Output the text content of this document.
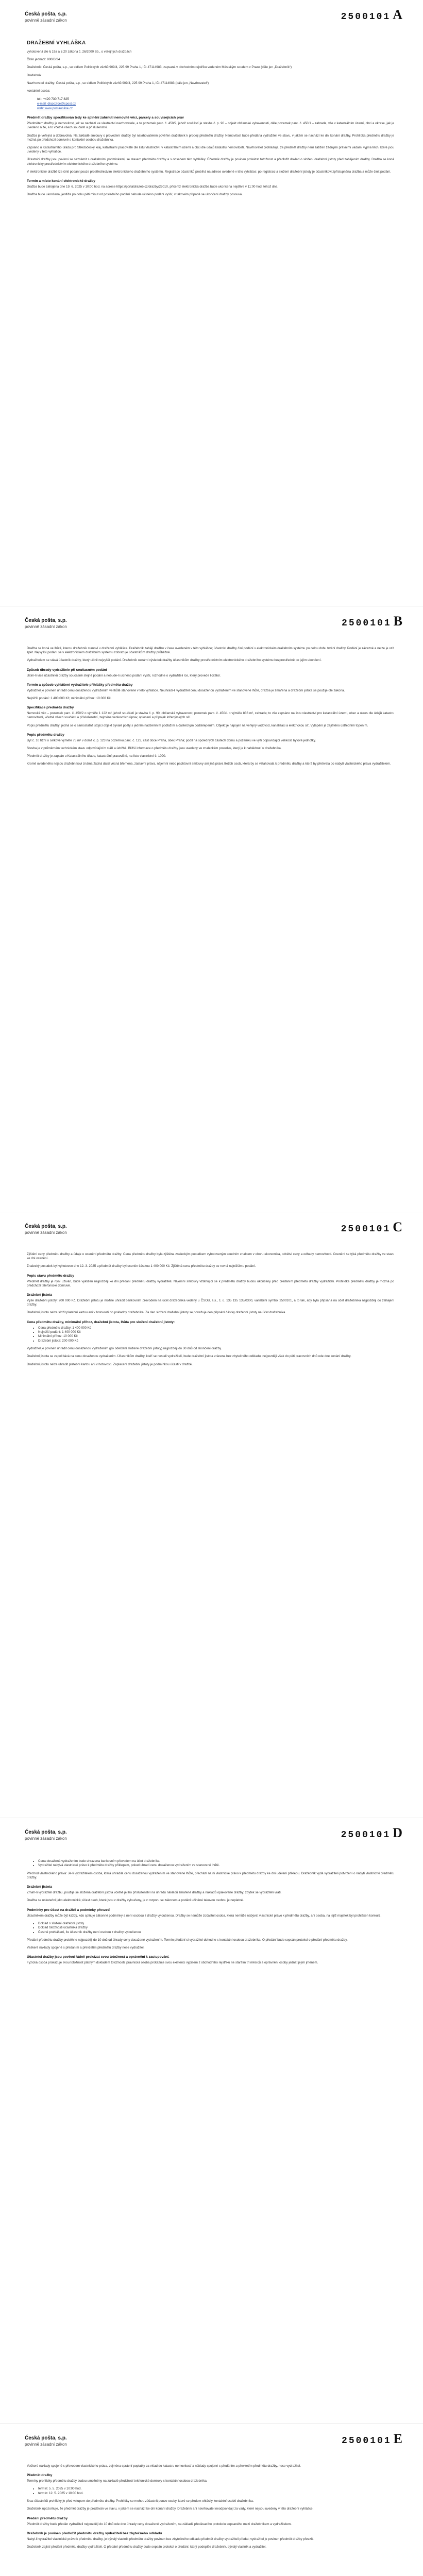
Česká pošta, s.p.
povinně zásadní zákon	2500101 A
DRAŽEBNÍ VYHLÁŠKA

vyhotovená dle § 19a a § 20 zákona č. 26/2000 Sb., o veřejných dražbách

Číslo jednací: 900/D/24

Dražebník: Česká pošta, s.p., se sídlem Politických vězňů 909/4, 225 99 Praha 1, IČ: 47114983, zapsaná v obchodním rejstříku vedeném Městským soudem v Praze (dále jen „Dražebník“)

Dražebník

Navrhovatel dražby: Česká pošta, s.p., se sídlem Politických vězňů 909/4, 225 99 Praha 1, IČ: 47114983 (dále jen „Navrhovatel“)

kontaktní osoba:

tel.: +420 730 717 825
e-mail: dispozice@cpost.cz
web: www.postaonline.cz
Předmět dražby specifikován tedy ke splnění zahrnutí nemovité věci, parcely a souvisejících práv

Předmětem dražby je nemovitost, jež se nachází ve vlastnictví navrhovatele, a to pozemek parc. č. 450/2, jehož součástí je stavba č. p. 90 – objekt občanské vybavenosti, dále pozemek parc. č. 450/1 – zahrada, vše v katastrálním území, obci a okrese, jak je uvedeno níže, a to včetně všech součástí a příslušenství.

Dražba je veřejná a dobrovolná. Na základě smlouvy o provedení dražby byl navrhovatelem pověřen dražebník k prodeji předmětu dražby. Nemovitost bude předána vydražiteli ve stavu, v jakém se nachází ke dni konání dražby. Prohlídka předmětu dražby je možná po předchozí domluvě s kontaktní osobou dražebníka.

Zapsáno u Katastrálního úřadu pro Středočeský kraj, katastrální pracoviště dle listu vlastnictví, v katastrálním území a obci dle údajů katastru nemovitostí. Navrhovatel prohlašuje, že předmět dražby není zatížen žádnými právními vadami vyjma těch, které jsou uvedeny v této vyhlášce.

Účastníci dražby jsou povinni se seznámit s dražebními podmínkami, se stavem předmětu dražby a s obsahem této vyhlášky. Účastník dražby je povinen prokázat totožnost a předložit doklad o složení dražební jistoty před zahájením dražby. Dražba se koná elektronicky prostřednictvím elektronického dražebního systému.

V elektronické dražbě lze činit podání pouze prostřednictvím elektronického dražebního systému. Registrace účastníků probíhá na adrese uvedené v této vyhlášce; po registraci a složení dražební jistoty je účastníkovi zpřístupněna dražba a může činit podání.

Termín a místo konání elektronické dražby

Dražba bude zahájena dne 19. 6. 2025 v 10:00 hod. na adrese https://portaldrazeb.cz/drazby/25010, přičemž elektronická dražba bude ukončena nejdříve v 11:00 hod. téhož dne.

Dražba bude ukončena, jestliže po dobu pěti minut od posledního podání nebude učiněno podání vyšší; v takovém případě se ukončení dražby posouvá.

Česká pošta, s.p.
povinně zásadní zákon	2500101 B

Dražba se koná ve lhůtě, kterou dražebník stanoví v dražební vyhlášce. Dražebník zahájí dražbu v čase uvedeném v této vyhlášce; účastníci dražby činí podání v elektronickém dražebním systému po celou dobu trvání dražby. Podání je závazné a nelze je vzít zpět. Nejvyšší podání se v elektronickém dražebním systému zobrazuje účastníkům dražby průběžně.

Vydražitelem se stává účastník dražby, který učinil nejvyšší podání. Dražebník oznámí výsledek dražby účastníkům dražby prostřednictvím elektronického dražebního systému bezprostředně po jejím ukončení.

Způsob úhrady vydražitele při současném podání

Učiní-li více účastníků dražby současně stejné podání a nebude-li učiněno podání vyšší, rozhodne o vydražiteli los, který provede licitátor.

Termín a způsob vyhlášení vydražitele přihlášky předmětu dražby

Vydražitel je povinen uhradit cenu dosaženou vydražením ve lhůtě stanovené v této vyhlášce. Neuhradí-li vydražitel cenu dosaženou vydražením ve stanovené lhůtě, dražba je zmařena a dražební jistota se použije dle zákona.

Nejnižší podání: 1 400 000 Kč; minimální příhoz: 10 000 Kč.

Specifikace předmětu dražby

Nemovitá věc – pozemek parc. č. 450/2 o výměře 1 122 m², jehož součástí je stavba č. p. 90, občanská vybavenost; pozemek parc. č. 450/1 o výměře 836 m², zahrada; to vše zapsáno na listu vlastnictví pro katastrální území, obec a okres dle údajů katastru nemovitostí, včetně všech součástí a příslušenství, zejména venkovních úprav, oplocení a přípojek inženýrských sítí.

Popis předmětu dražby: jedná se o samostatně stojící objekt bývalé pošty s jedním nadzemním podlažím a částečným podsklepením. Objekt je napojen na veřejný vodovod, kanalizaci a elektrickou síť. Vytápění je zajištěno ústředním topením.

Popis předmětu dražby

Byt č. 10 tržní o celkové výměře 75 m² v domě č. p. 123 na pozemku parc. č. 123, část obce Praha, obec Praha; podíl na společných částech domu a pozemku ve výši odpovídající velikosti bytové jednotky.

Stavba je v průměrném technickém stavu odpovídajícím stáří a údržbě. Bližší informace o předmětu dražby jsou uvedeny ve znaleckém posudku, který je k nahlédnutí u dražebníka.

Předmět dražby je zapsán u Katastrálního úřadu, katastrální pracoviště, na listu vlastnictví č. 1090.

Kromě uvedeného nejsou dražebníkovi známa žádná další věcná břemena, zástavní práva, nájemní nebo pachtovní smlouvy ani jiná práva třetích osob, která by se vztahovala k předmětu dražby a která by přetrvala po nabytí vlastnického práva vydražitelem.

Česká pošta, s.p.
povinně zásadní zákon	2500101 C

Zjištění ceny předmětu dražby a údaje o ocenění předmětu dražby: Cena předmětu dražby byla zjištěna znaleckým posudkem vyhotoveným soudním znalcem v oboru ekonomika, odvětví ceny a odhady nemovitostí. Ocenění se týká předmětu dražby ve stavu ke dni ocenění.

Znalecký posudek byl vyhotoven dne 12. 3. 2025 a předmět dražby byl oceněn částkou 1 400 000 Kč. Zjištěná cena předmětu dražby se rovná nejnižšímu podání.

Popis stavu předmětu dražby

Předmět dražby je nyní užíván, bude vyklizen nejpozději ke dni předání předmětu dražby vydražiteli. Nájemní smlouvy vztahující se k předmětu dražby budou ukončeny před předáním předmětu dražby vydražiteli. Prohlídka předmětu dražby je možná po předchozí telefonické domluvě.

Dražební jistota

Výše dražební jistoty: 200 000 Kč. Dražební jistotu je možné uhradit bankovním převodem na účet dražebníka vedený u ČSOB, a.s., č. ú. 135 135 135/0300, variabilní symbol 2500101, a to tak, aby byla připsána na účet dražebníka nejpozději do zahájení dražby.

Dražební jistotu nelze složit platební kartou ani v hotovosti do pokladny dražebníka. Za den složení dražební jistoty se považuje den připsání částky dražební jistoty na účet dražebníka.

Cena předmětu dražby, minimální příhoz, dražební jistota, lhůta pro složení dražební jistoty:
• Cena předmětu dražby: 1 400 000 Kč
• Nejnižší podání: 1 400 000 Kč
• Minimální příhoz: 10 000 Kč
• Dražební jistota: 200 000 Kč

Vydražitel je povinen uhradit cenu dosaženou vydražením (po odečtení složené dražební jistoty) nejpozději do 30 dnů od skončení dražby.

Dražební jistota se započítává na cenu dosaženou vydražením. Účastníkům dražby, kteří se nestali vydražiteli, bude dražební jistota vrácena bez zbytečného odkladu, nejpozději však do pěti pracovních dnů ode dne konání dražby.

Dražební jistotu nelze uhradit platební kartou ani v hotovosti. Zaplacení dražební jistoty je podmínkou účasti v dražbě.

Česká pošta, s.p.
povinně zásadní zákon	2500101 D
• Cena dosažená vydražením bude uhrazena bankovním převodem na účet dražebníka.
• Vydražitel nabývá vlastnické právo k předmětu dražby příklepem, pokud uhradí cenu dosaženou vydražením ve stanovené lhůtě.

Přechod vlastnického práva: Je-li vydražitelem osoba, která uhradila cenu dosaženou vydražením ve stanovené lhůtě, přechází na ni vlastnické právo k předmětu dražby ke dni udělení příklepu. Dražebník vydá vydražiteli potvrzení o nabytí vlastnictví předmětu dražby.

Dražební jistota

Zmaří-li vydražitel dražbu, použije se složená dražební jistota včetně jejího příslušenství na úhradu nákladů zmařené dražby a nákladů opakované dražby; zbytek se vydražiteli vrátí.

Dražba se uskuteční jako elektronická; účast osob, které jsou z dražby vyloučeny, je v rozporu se zákonem a podání učiněné takovou osobou je neplatné.

Podmínky pro účast na dražbě a podmínky převzetí

Účastníkem dražby může být každý, kdo splňuje zákonné podmínky a není osobou z dražby vyloučenou. Dražby se nemůže zúčastnit osoba, která nemůže nabývat vlastnické právo k předmětu dražby, ani osoba, na jejíž majetek byl prohlášen konkurz.

• Doklad o složení dražební jistoty
• Doklad totožnosti účastníka dražby
• Čestné prohlášení, že účastník dražby není osobou z dražby vyloučenou

Předání předmětu dražby proběhne nejpozději do 10 dnů od úhrady ceny dosažené vydražením. Termín předání si vydražitel dohodne s kontaktní osobou dražebníka. O předání bude sepsán protokol o předání předmětu dražby.

Veškeré náklady spojené s předáním a převzetím předmětu dražby nese vydražitel.

Účastníci dražby jsou povinni řádně prokázat svou totožnost a oprávnění k zastupování.

Fyzická osoba prokazuje svou totožnost platným dokladem totožnosti; právnická osoba prokazuje svou existenci výpisem z obchodního rejstříku ne starším tří měsíců a oprávnění osoby jednat jejím jménem.

Česká pošta, s.p.
povinně zásadní zákon	2500101 E

Veškeré náklady spojené s převodem vlastnického práva, zejména správní poplatky za vklad do katastru nemovitostí a náklady spojené s předáním a převzetím předmětu dražby, nese vydražitel.

Předmět dražby

Termíny prohlídky předmětu dražby budou umožněny na základě předchozí telefonické domluvy s kontaktní osobou dražebníka.

• termín: 5. 5. 2025 v 10:00 hod.
• termín: 12. 5. 2025 v 10:00 hod.

Sraz účastníků prohlídky je před vstupem do předmětu dražby. Prohlídky se mohou zúčastnit pouze osoby, které se předem ohlásily kontaktní osobě dražebníka.

Dražebník upozorňuje, že předmět dražby je prodáván ve stavu, v jakém se nachází ke dni konání dražby. Dražebník ani navrhovatel neodpovídají za vady, které nejsou uvedeny v této dražební vyhlášce.

Předání předmětu dražby

Předmět dražby bude předán vydražiteli nejpozději do 10 dnů ode dne úhrady ceny dosažené vydražením, na základě předávacího protokolu sepsaného mezi dražebníkem a vydražitelem.

Dražebník je povinen předložit předmětu dražby vydražiteli bez zbytečného odkladu

Nabyl-li vydražitel vlastnické právo k předmětu dražby, je bývalý vlastník předmětu dražby povinen bez zbytečného odkladu předmět dražby vydražiteli předat; vydražitel je povinen předmět dražby převzít.

Dražebník zajistí předání předmětu dražby vydražiteli. O předání předmětu dražby bude sepsán protokol o předání, který podepíše dražebník, bývalý vlastník a vydražitel.
